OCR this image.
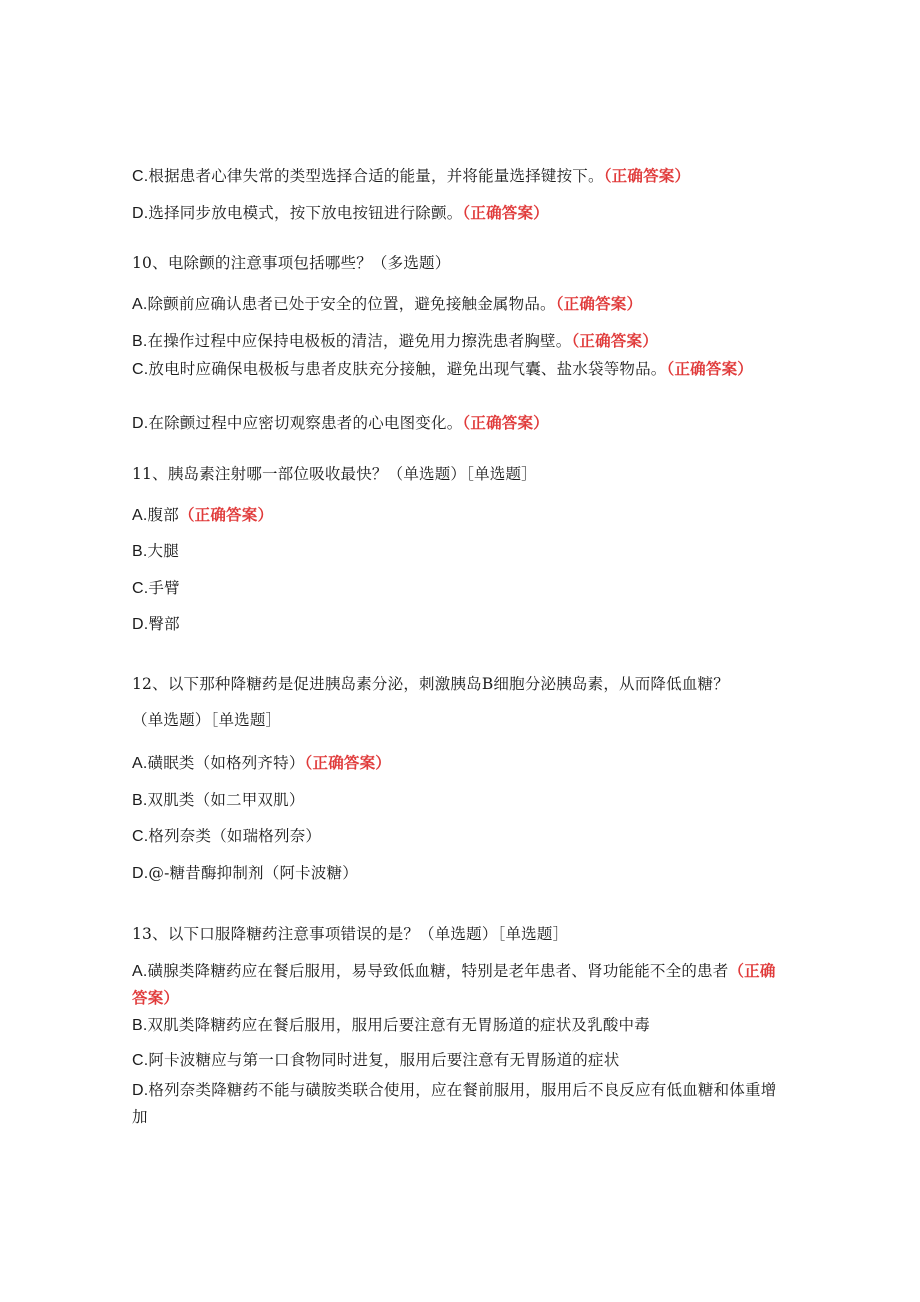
C.根据患者心律失常的类型选择合适的能量，并将能量选择键按下。（正确答案）
D.选择同步放电模式，按下放电按钮进行除颤。（正确答案）
10、电除颤的注意事项包括哪些？（多选题）
A.除颤前应确认患者已处于安全的位置，避免接触金属物品。（正确答案）
B.在操作过程中应保持电极板的清洁，避免用力擦洗患者胸壁。（正确答案）
C.放电时应确保电极板与患者皮肤充分接触，避免出现气囊、盐水袋等物品。（正确答案）
D.在除颤过程中应密切观察患者的心电图变化。（正确答案）
11、胰岛素注射哪一部位吸收最快？（单选题）［单选题］
A.腹部（正确答案）
B.大腿
C.手臂
D.臀部
12、以下那种降糖药是促进胰岛素分泌，刺激胰岛B细胞分泌胰岛素，从而降低血糖？
（单选题）［单选题］
A.磺眠类（如格列齐特）（正确答案）
B.双肌类（如二甲双肌）
C.格列奈类（如瑞格列奈）
D.@-糖昔酶抑制剂（阿卡波糖）
13、以下口服降糖药注意事项错误的是？（单选题）［单选题］
A.磺腺类降糖药应在餐后服用，易导致低血糖，特别是老年患者、肾功能能不全的患者（正确答案）
B.双肌类降糖药应在餐后服用，服用后要注意有无胃肠道的症状及乳酸中毒
C.阿卡波糖应与第一口食物同时进复，服用后要注意有无胃肠道的症状
D.格列奈类降糖药不能与磺胺类联合使用，应在餐前服用，服用后不良反应有低血糖和体重增加
